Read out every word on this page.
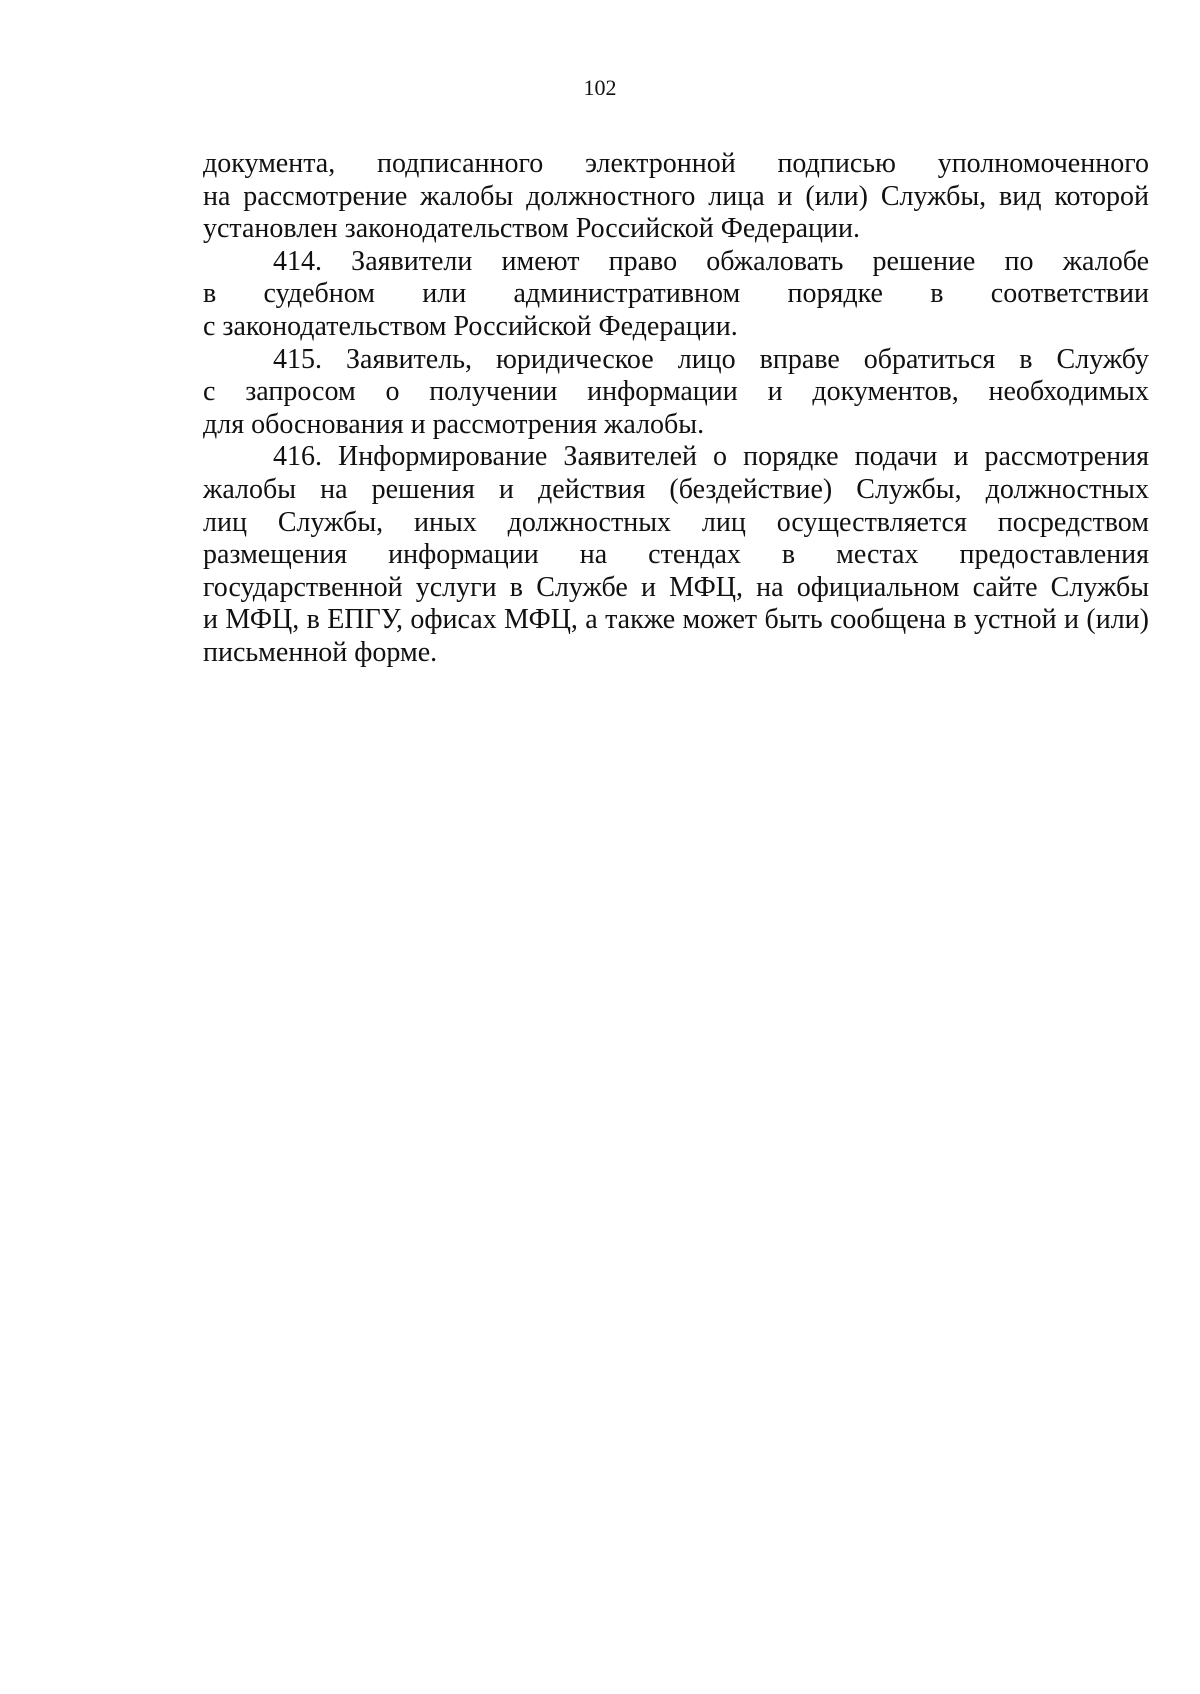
102

документа, подписанного электронной подписью уполномоченного
на рассмотрение жалобы должностного лица и (или) Службы, вид которой
установлен законодательством Российской Федерации.

414. Заявители имеют право обжаловать решение по жалобе
в судебном или административном порядке в соответствии
с законодательством Российской Федерации.

415. Заявитель, юридическое лицо вправе обратиться в Службу
с запросом о получении информации и документов, необходимых
для обоснования и рассмотрения жалобы.

416. Информирование Заявителей о порядке подачи и рассмотрения
жалобы на решения и действия (бездействие) Службы, должностных
лиц Службы, иных должностных лиц осуществляется посредством
размещения информации на стендах в местах предоставления
государственной услуги в Службе и МФЦ, на официальном сайте Службы
и МФЦ, в ЕПГУ, офисах МФЦ, а также может быть сообщена в устной и (или)
письменной форме.
